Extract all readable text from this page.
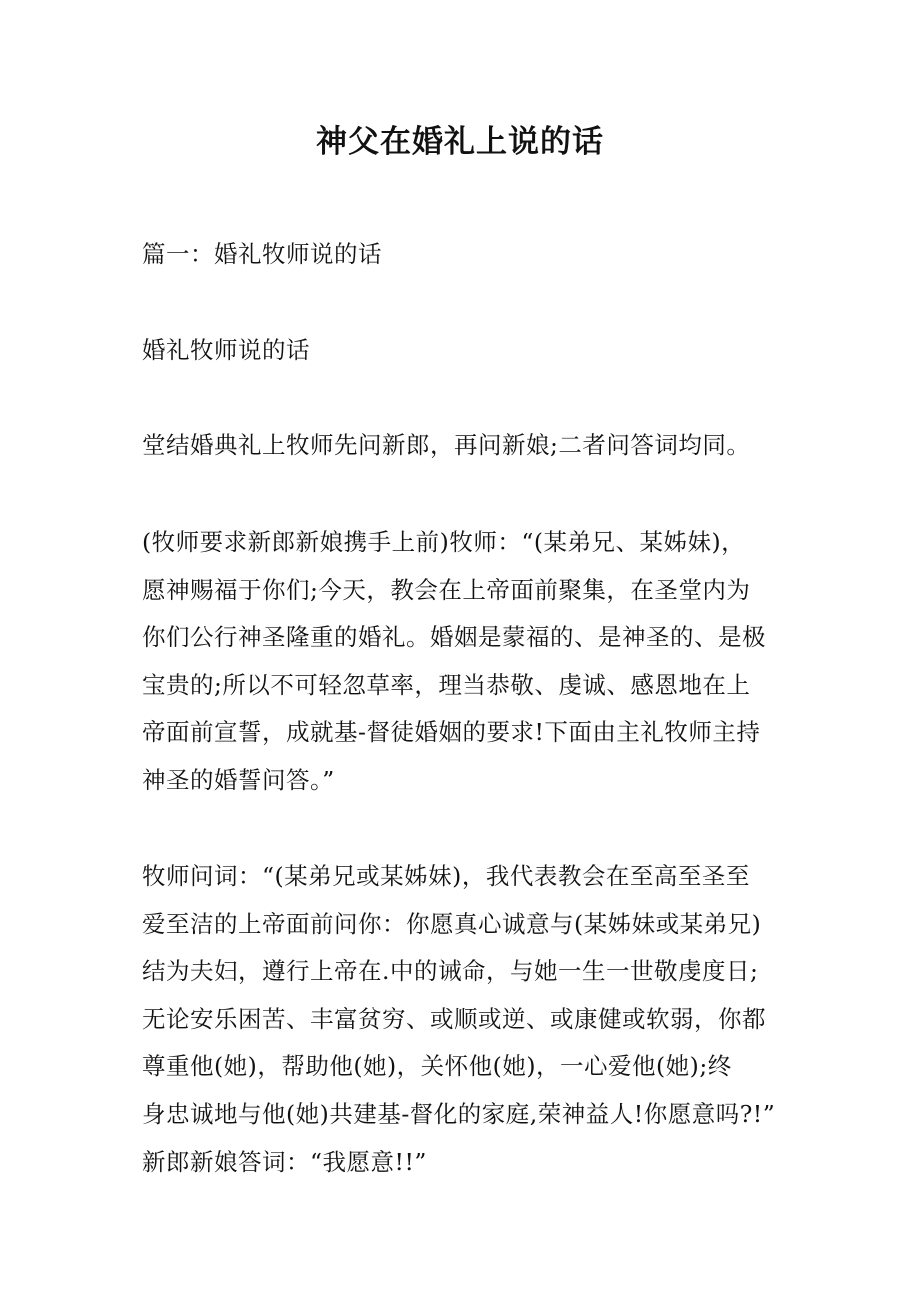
神父在婚礼上说的话
篇一：婚礼牧师说的话
婚礼牧师说的话
堂结婚典礼上牧师先问新郎，再问新娘;二者问答词均同。
(牧师要求新郎新娘携手上前)牧师：“(某弟兄、某姊妹)，
愿神赐福于你们;今天，教会在上帝面前聚集，在圣堂内为
你们公行神圣隆重的婚礼。婚姻是蒙福的、是神圣的、是极
宝贵的;所以不可轻忽草率，理当恭敬、虔诚、感恩地在上
帝面前宣誓，成就基-督徒婚姻的要求!下面由主礼牧师主持
神圣的婚誓问答。”
牧师问词：“(某弟兄或某姊妹)，我代表教会在至高至圣至
爱至洁的上帝面前问你：你愿真心诚意与(某姊妹或某弟兄)
结为夫妇，遵行上帝在.中的诫命，与她一生一世敬虔度日;
无论安乐困苦、丰富贫穷、或顺或逆、或康健或软弱，你都
尊重他(她)，帮助他(她)，关怀他(她)，一心爱他(她);终
身忠诚地与他(她)共建基-督化的家庭,荣神益人!你愿意吗?!”
新郎新娘答词：“我愿意!!”
